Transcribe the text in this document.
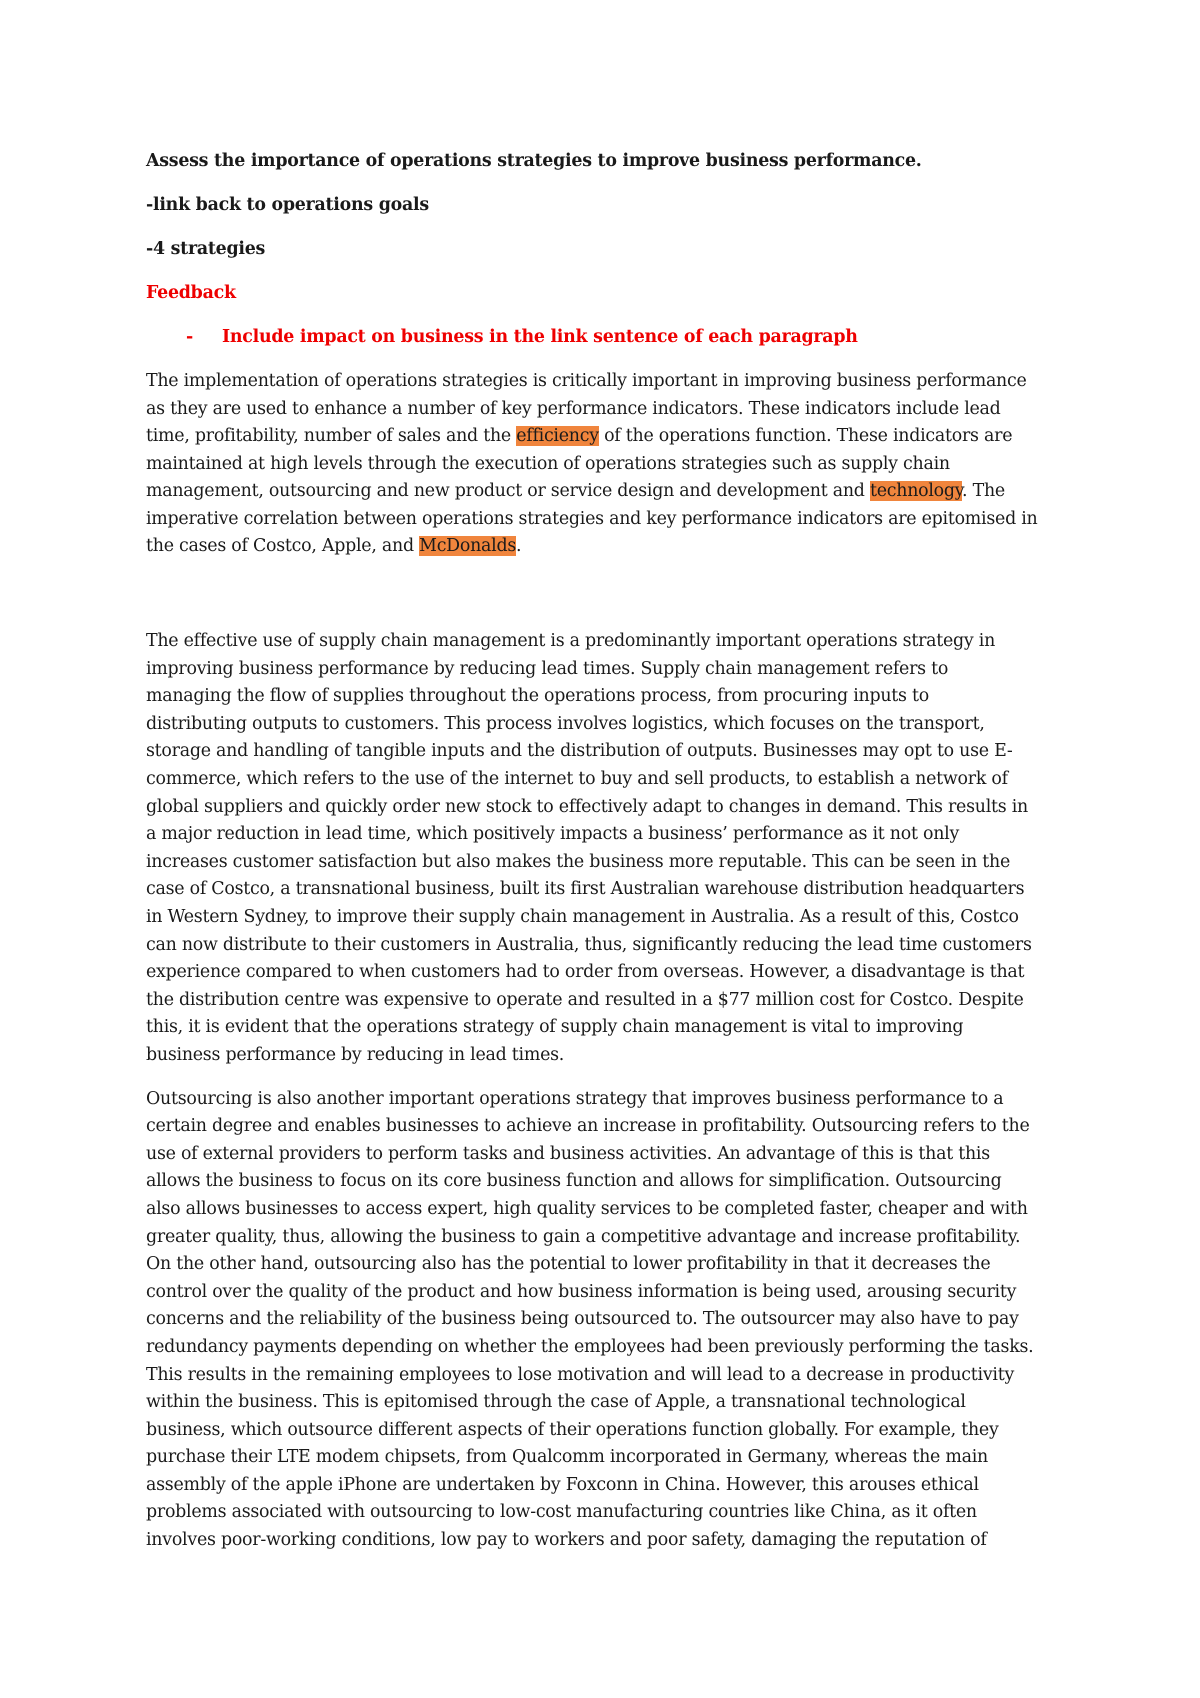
Assess the importance of operations strategies to improve business performance.
-link back to operations goals
-4 strategies
Feedback
- Include impact on business in the link sentence of each paragraph
The implementation of operations strategies is critically important in improving business performance
as they are used to enhance a number of key performance indicators. These indicators include lead
time, profitability, number of sales and the efficiency of the operations function. These indicators are
maintained at high levels through the execution of operations strategies such as supply chain
management, outsourcing and new product or service design and development and technology. The
imperative correlation between operations strategies and key performance indicators are epitomised in
the cases of Costco, Apple, and McDonalds.
The effective use of supply chain management is a predominantly important operations strategy in
improving business performance by reducing lead times. Supply chain management refers to
managing the flow of supplies throughout the operations process, from procuring inputs to
distributing outputs to customers. This process involves logistics, which focuses on the transport,
storage and handling of tangible inputs and the distribution of outputs. Businesses may opt to use E-
commerce, which refers to the use of the internet to buy and sell products, to establish a network of
global suppliers and quickly order new stock to effectively adapt to changes in demand. This results in
a major reduction in lead time, which positively impacts a business’ performance as it not only
increases customer satisfaction but also makes the business more reputable. This can be seen in the
case of Costco, a transnational business, built its first Australian warehouse distribution headquarters
in Western Sydney, to improve their supply chain management in Australia. As a result of this, Costco
can now distribute to their customers in Australia, thus, significantly reducing the lead time customers
experience compared to when customers had to order from overseas. However, a disadvantage is that
the distribution centre was expensive to operate and resulted in a $77 million cost for Costco. Despite
this, it is evident that the operations strategy of supply chain management is vital to improving
business performance by reducing in lead times.
Outsourcing is also another important operations strategy that improves business performance to a
certain degree and enables businesses to achieve an increase in profitability. Outsourcing refers to the
use of external providers to perform tasks and business activities. An advantage of this is that this
allows the business to focus on its core business function and allows for simplification. Outsourcing
also allows businesses to access expert, high quality services to be completed faster, cheaper and with
greater quality, thus, allowing the business to gain a competitive advantage and increase profitability.
On the other hand, outsourcing also has the potential to lower profitability in that it decreases the
control over the quality of the product and how business information is being used, arousing security
concerns and the reliability of the business being outsourced to. The outsourcer may also have to pay
redundancy payments depending on whether the employees had been previously performing the tasks.
This results in the remaining employees to lose motivation and will lead to a decrease in productivity
within the business. This is epitomised through the case of Apple, a transnational technological
business, which outsource different aspects of their operations function globally. For example, they
purchase their LTE modem chipsets, from Qualcomm incorporated in Germany, whereas the main
assembly of the apple iPhone are undertaken by Foxconn in China. However, this arouses ethical
problems associated with outsourcing to low-cost manufacturing countries like China, as it often
involves poor-working conditions, low pay to workers and poor safety, damaging the reputation of
